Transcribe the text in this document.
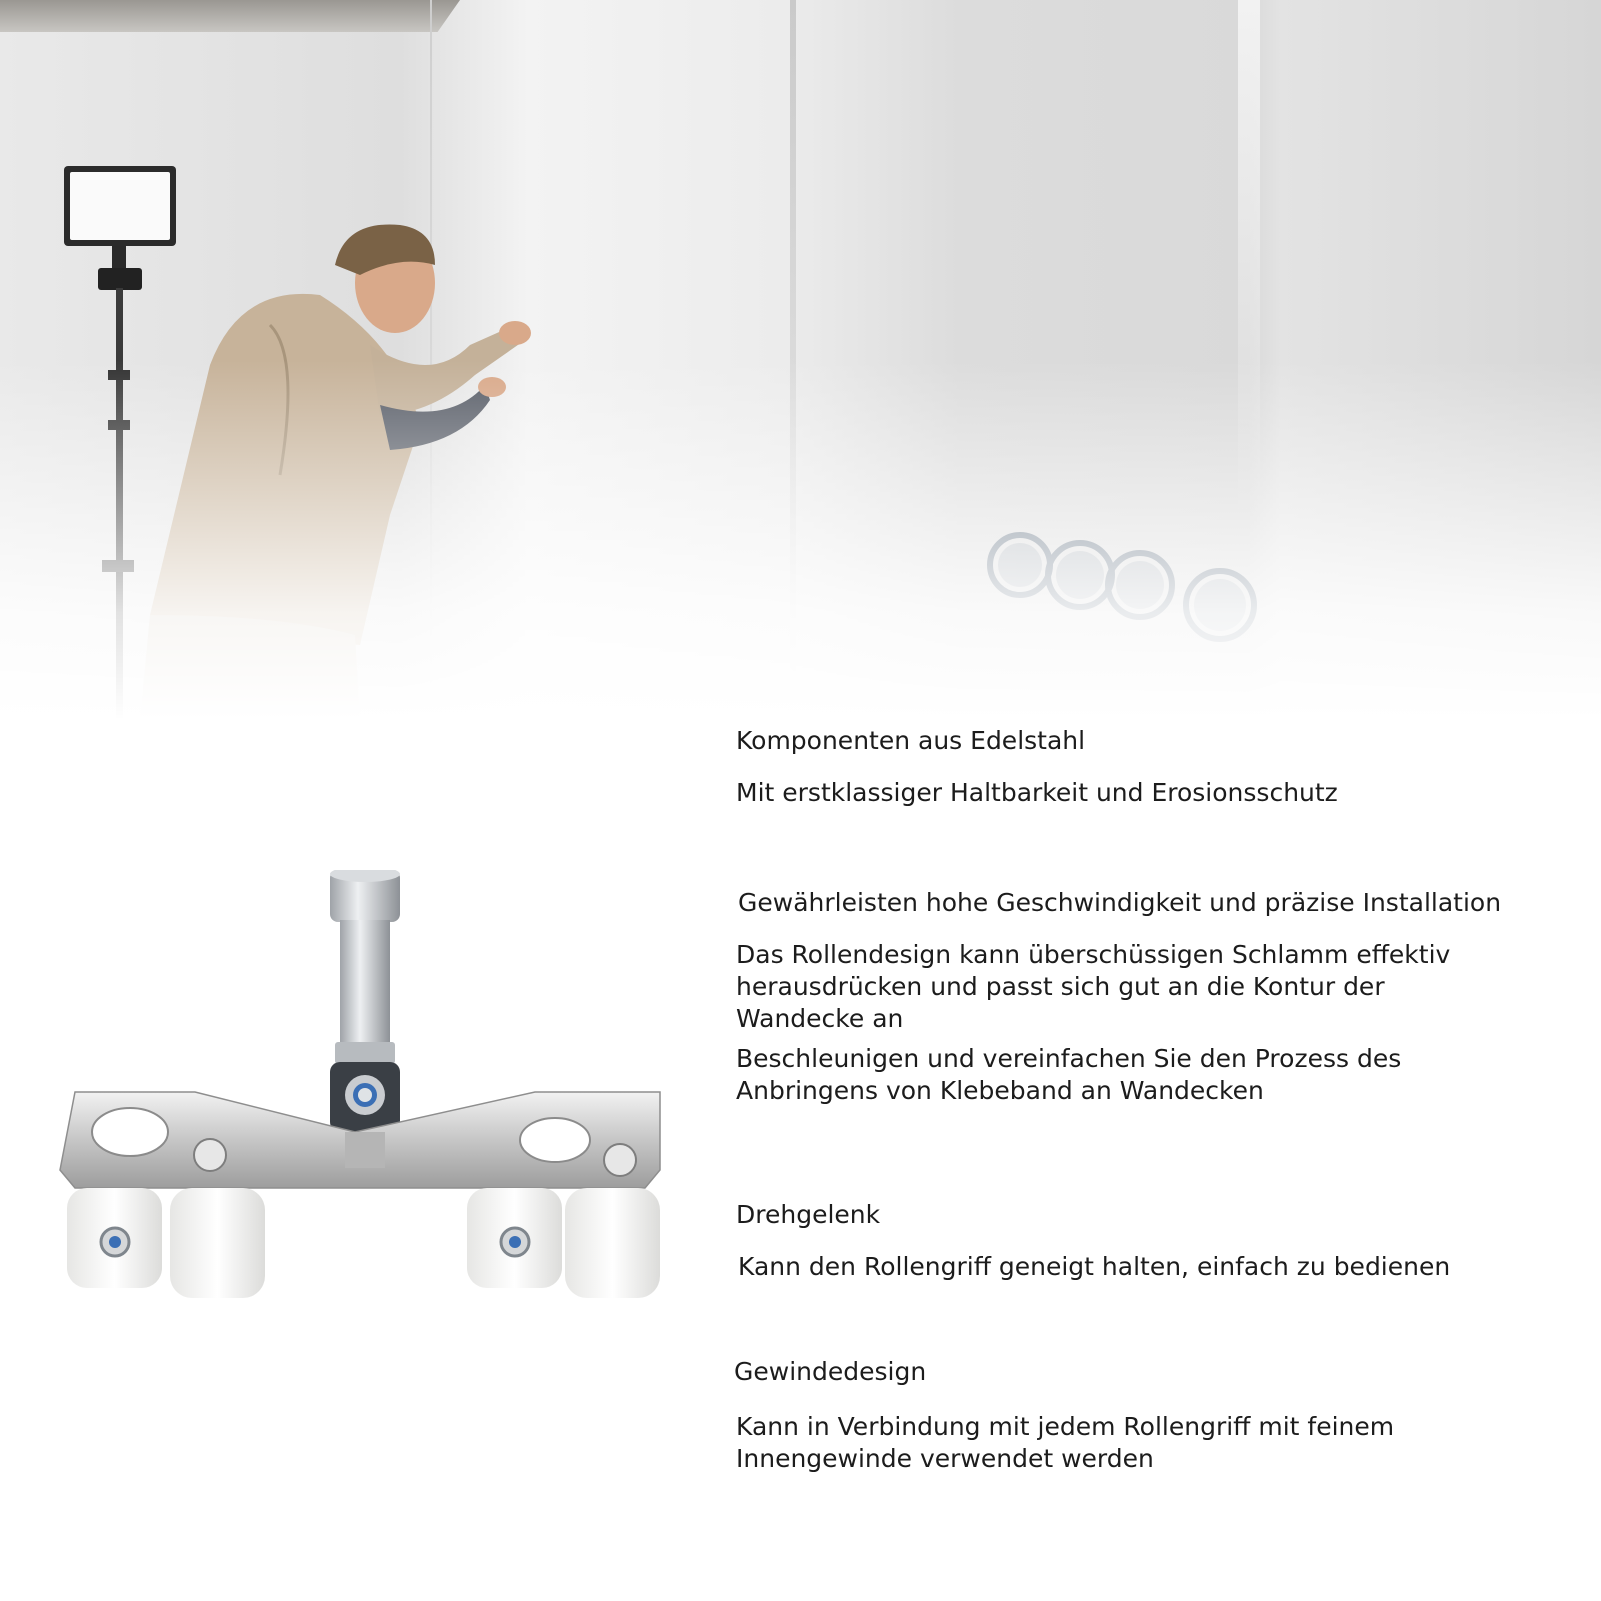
Komponenten aus Edelstahl

Mit erstklassiger Haltbarkeit und Erosionsschutz

Gewährleisten hohe Geschwindigkeit und präzise Installation

Das Rollendesign kann überschüssigen Schlamm effektiv

herausdrücken und passt sich gut an die Kontur der

Wandecke an

Beschleunigen und vereinfachen Sie den Prozess des

Anbringens von Klebeband an Wandecken

Drehgelenk

Kann den Rollengriff geneigt halten, einfach zu bedienen

Gewindedesign

Kann in Verbindung mit jedem Rollengriff mit feinem

Innengewinde verwendet werden
